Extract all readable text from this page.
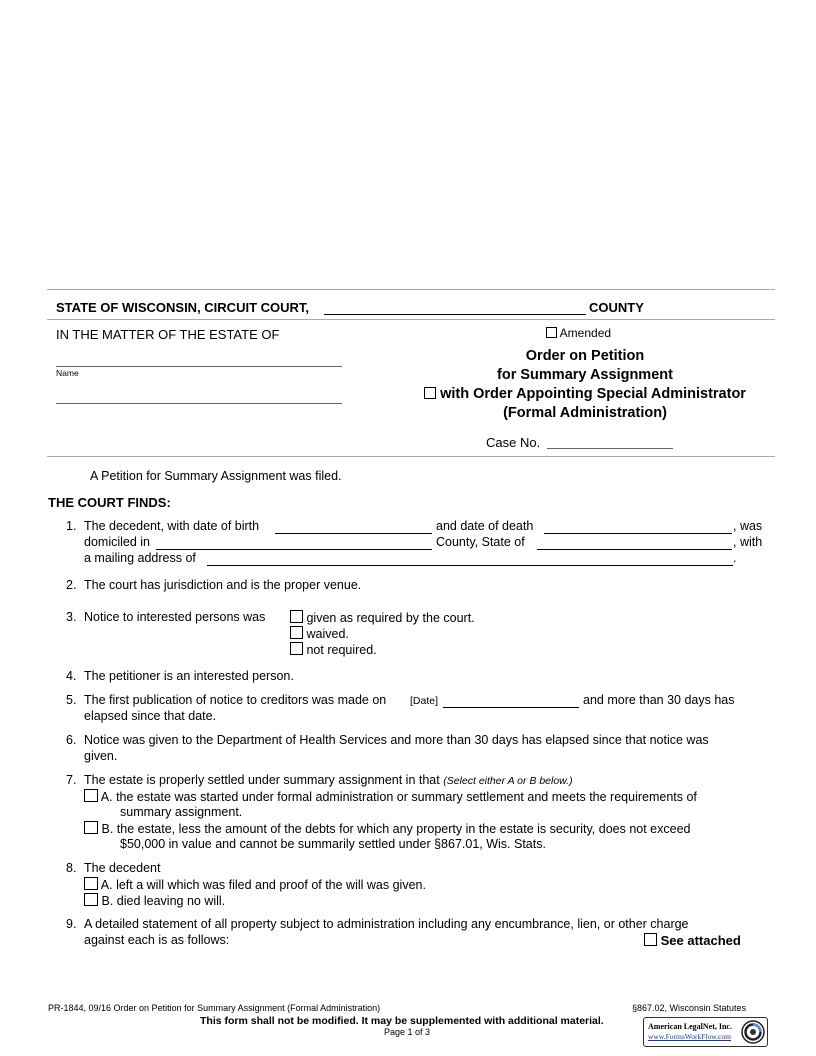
STATE OF WISCONSIN, CIRCUIT COURT,	COUNTY
IN THE MATTER OF THE ESTATE OF
Name
Amended
Order on Petition
for Summary Assignment
with Order Appointing Special Administrator
(Formal Administration)
Case No.
A Petition for Summary Assignment was filed.
THE COURT FINDS:
1. The decedent, with date of birth	and date of death	, was
domiciled in	County, State of	, with
a mailing address of	.
2. The court has jurisdiction and is the proper venue.
3. Notice to interested persons was	given as required by the court.
waived.
not required.
4. The petitioner is an interested person.
5. The first publication of notice to creditors was made on [Date]	and more than 30 days has
elapsed since that date.
6. Notice was given to the Department of Health Services and more than 30 days has elapsed since that notice was
given.
7. The estate is properly settled under summary assignment in that (Select either A or B below.)
A. the estate was started under formal administration or summary settlement and meets the requirements of
summary assignment.
B. the estate, less the amount of the debts for which any property in the estate is security, does not exceed
$50,000 in value and cannot be summarily settled under §867.01, Wis. Stats.
8. The decedent
A. left a will which was filed and proof of the will was given.
B. died leaving no will.
9. A detailed statement of all property subject to administration including any encumbrance, lien, or other charge
against each is as follows:	See attached
PR-1844, 09/16 Order on Petition for Summary Assignment (Formal Administration)	§867.02, Wisconsin Statutes
This form shall not be modified. It may be supplemented with additional material.
Page 1 of 3
American LegalNet, Inc.
www.FormsWorkFlow.com
